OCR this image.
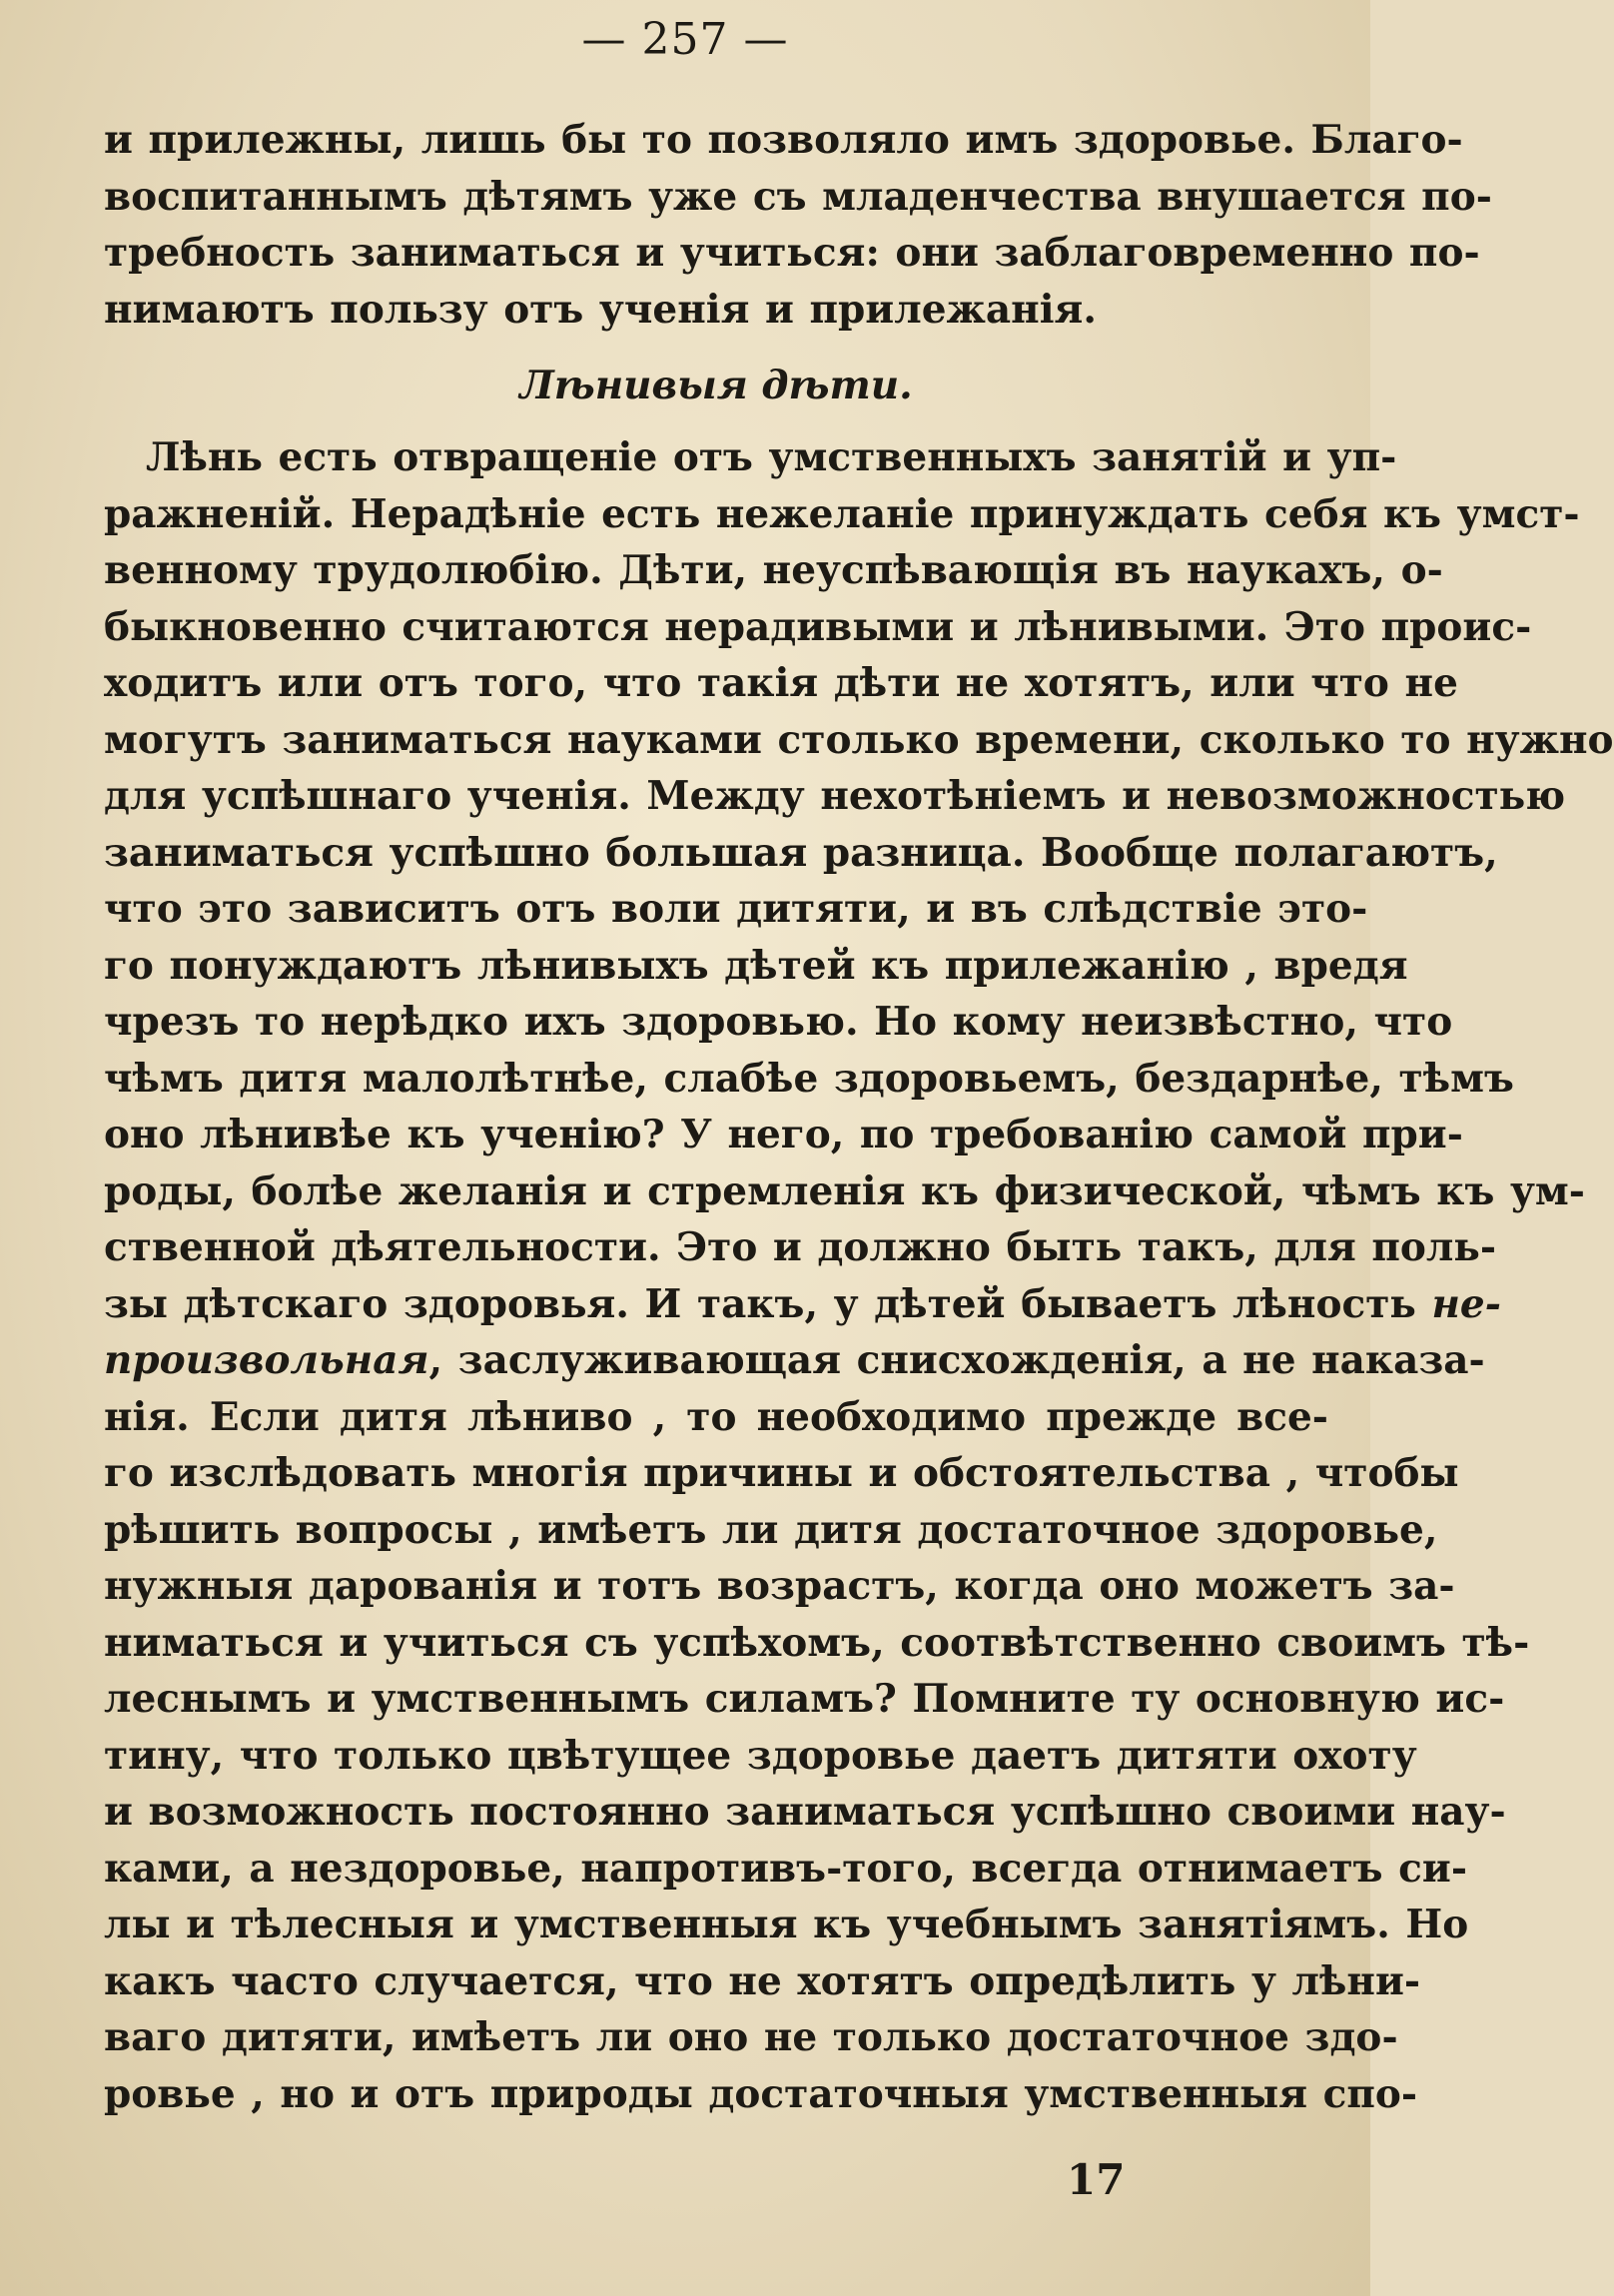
— 257 —
и прилежны, лишь бы то позволяло имъ здоровье. Благо-
воспитаннымъ дѣтямъ уже съ младенчества внушается по-
требность заниматься и учиться: они заблаговременно по-
нимаютъ пользу отъ ученія и прилежанія.
Лѣнивыя дѣти.
Лѣнь есть отвращеніе отъ умственныхъ занятій и уп-
ражненій. Нерадѣніе есть нежеланіе принуждать себя къ умст-
венному трудолюбію. Дѣти, неуспѣвающія въ наукахъ, о-
быкновенно считаются нерадивыми и лѣнивыми. Это проис-
ходитъ или отъ того, что такія дѣти не хотятъ, или что не
могутъ заниматься науками столько времени, сколько то нужно
для успѣшнаго ученія. Между нехотѣніемъ и невозможностью
заниматься успѣшно большая разница. Вообще полагаютъ,
что это зависитъ отъ воли дитяти, и въ слѣдствіе это-
го понуждаютъ лѣнивыхъ дѣтей къ прилежанію , вредя
чрезъ то нерѣдко ихъ здоровью. Но кому неизвѣстно, что
чѣмъ дитя малолѣтнѣе, слабѣе здоровьемъ, бездарнѣе, тѣмъ
оно лѣнивѣе къ ученію? У него, по требованію самой при-
роды, болѣе желанія и стремленія къ физической, чѣмъ къ ум-
ственной дѣятельности. Это и должно быть такъ, для поль-
зы дѣтскаго здоровья. И такъ, у дѣтей бываетъ лѣность не-
произвольная, заслуживающая снисхожденія, а не наказа-
нія. Если дитя лѣниво , то необходимо прежде все-
го изслѣдовать многія причины и обстоятельства , чтобы
рѣшить вопросы , имѣетъ ли дитя достаточное здоровье,
нужныя дарованія и тотъ возрастъ, когда оно можетъ за-
ниматься и учиться съ успѣхомъ, соотвѣтственно своимъ тѣ-
леснымъ и умственнымъ силамъ? Помните ту основную ис-
тину, что только цвѣтущее здоровье даетъ дитяти охоту
и возможность постоянно заниматься успѣшно своими нау-
ками, а нездоровье, напротивъ-того, всегда отнимаетъ си-
лы и тѣлесныя и умственныя къ учебнымъ занятіямъ. Но
какъ часто случается, что не хотятъ опредѣлить у лѣни-
ваго дитяти, имѣетъ ли оно не только достаточное здо-
ровье , но и отъ природы достаточныя умственныя спо-
17
